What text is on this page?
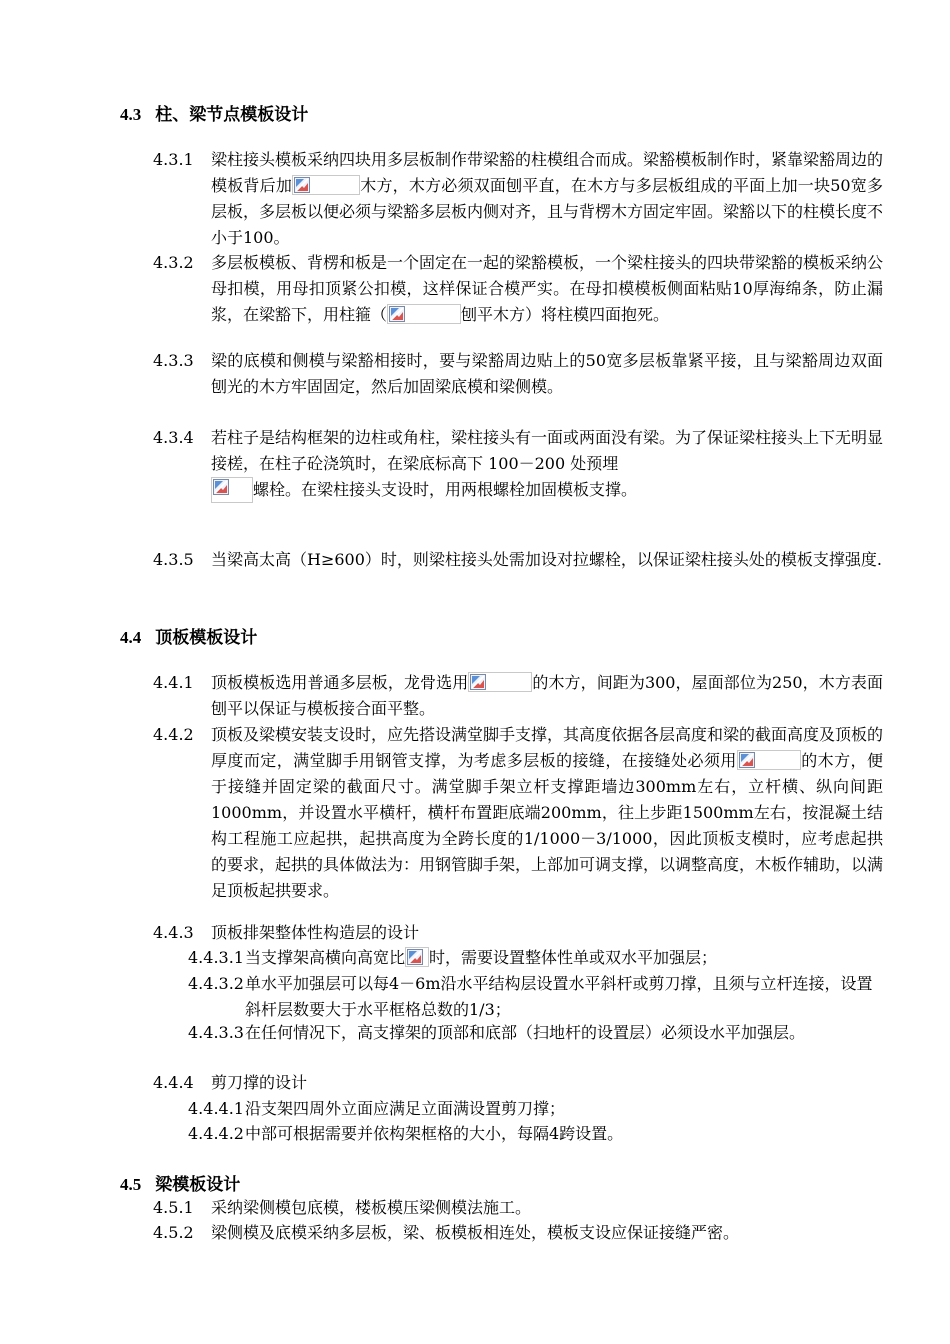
4.3 柱、梁节点模板设计
4.3.1 梁柱接头模板采纳四块用多层板制作带梁豁的柱模组合而成。梁豁模板制作时，紧靠梁豁周边的模板背后加	木方，木方必须双面刨平直，在木方与多层板组成的平面上加一块50宽多层板，多层板以便必须与梁豁多层板内侧对齐，且与背楞木方固定牢固。梁豁以下的柱模长度不小于100。
4.3.2 多层板模板、背楞和板是一个固定在一起的梁豁模板，一个梁柱接头的四块带梁豁的模板采纳公母扣模，用母扣顶紧公扣模，这样保证合模严实。在母扣模模板侧面粘贴10厚海绵条，防止漏浆，在梁豁下，用柱箍（	刨平木方）将柱模四面抱死。
4.3.3 梁的底模和侧模与梁豁相接时，要与梁豁周边贴上的50宽多层板靠紧平接，且与梁豁周边双面刨光的木方牢固固定，然后加固梁底模和梁侧模。
4.3.4 若柱子是结构框架的边柱或角柱，梁柱接头有一面或两面没有梁。为了保证梁柱接头上下无明显接槎，在柱子砼浇筑时，在梁底标高下 100－200 处预埋

螺栓。在梁柱接头支设时，用两根螺栓加固模板支撑。
4.3.5 当梁高太高（H≥600）时，则梁柱接头处需加设对拉螺栓，以保证梁柱接头处的模板支撑强度.
4.4 顶板模板设计
4.4.1 顶板模板选用普通多层板，龙骨选用	的木方，间距为300，屋面部位为250，木方表面刨平以保证与模板接合面平整。
4.4.2 顶板及梁模安装支设时，应先搭设满堂脚手支撑，其高度依据各层高度和梁的截面高度及顶板的厚度而定，满堂脚手用钢管支撑，为考虑多层板的接缝，在接缝处必须用	的木方，便于接缝并固定梁的截面尺寸。满堂脚手架立杆支撑距墙边300mm左右，立杆横、纵向间距1000mm，并设置水平横杆，横杆布置距底端200mm，往上步距1500mm左右，按混凝土结构工程施工应起拱，起拱高度为全跨长度的1/1000－3/1000，因此顶板支模时，应考虑起拱的要求，起拱的具体做法为：用钢管脚手架，上部加可调支撑，以调整高度，木板作辅助，以满足顶板起拱要求。
4.4.3 顶板排架整体性构造层的设计
4.4.3.1 当支撑架高横向高宽比 时，需要设置整体性单或双水平加强层；
4.4.3.2 单水平加强层可以每4－6m沿水平结构层设置水平斜杆或剪刀撑，且须与立杆连接，设置斜杆层数要大于水平框格总数的1/3；
4.4.3.3 在任何情况下，高支撑架的顶部和底部（扫地杆的设置层）必须设水平加强层。
4.4.4 剪刀撑的设计
4.4.4.1 沿支架四周外立面应满足立面满设置剪刀撑；
4.4.4.2 中部可根据需要并依构架框格的大小，每隔4跨设置。
4.5 梁模板设计
4.5.1 采纳梁侧模包底模，楼板模压梁侧模法施工。
4.5.2 梁侧模及底模采纳多层板，梁、板模板相连处，模板支设应保证接缝严密。
